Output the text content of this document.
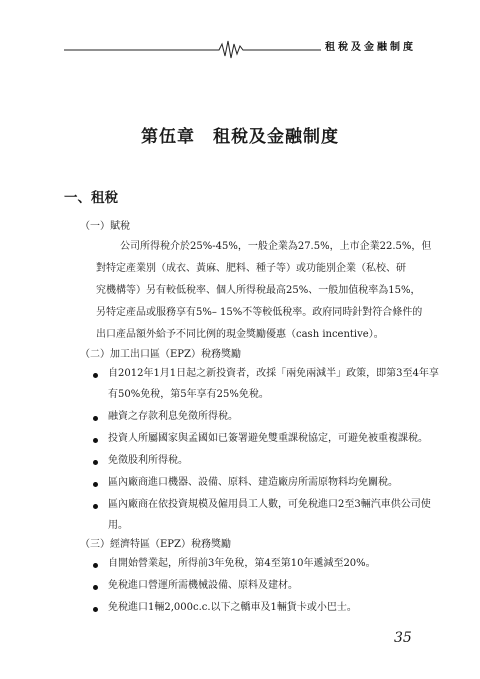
租稅及金融制度
第伍章　租稅及金融制度
一、租稅

（一）賦稅

公司所得稅介於25%-45%，一般企業為27.5%，上市企業22.5%，但

對特定產業別（成衣、黃麻、肥料、種子等）或功能別企業（私校、研

究機構等）另有較低稅率、個人所得稅最高25%、一般加值稅率為15%，

另特定產品或服務享有5%– 15%不等較低稅率。政府同時針對符合條件的

出口產品額外給予不同比例的現金獎勵優惠（cash incentive）。

（二）加工出口區（EPZ）稅務獎勵

自2012年1月1日起之新投資者，改採「兩免兩減半」政策，即第3至4年享

有50%免稅，第5年享有25%免稅。

融資之存款利息免徵所得稅。

投資人所屬國家與孟國如已簽署避免雙重課稅協定，可避免被重複課稅。

免徵股利所得稅。

區內廠商進口機器、設備、原料、建造廠房所需原物料均免關稅。

區內廠商在依投資規模及僱用員工人數，可免稅進口2至3輛汽車供公司使

用。

（三）經濟特區（EPZ）稅務獎勵

自開始營業起，所得前3年免稅，第4至第10年遞減至20%。

免稅進口營運所需機械設備、原料及建材。

免稅進口1輛2,000c.c.以下之轎車及1輛貨卡或小巴士。

35
